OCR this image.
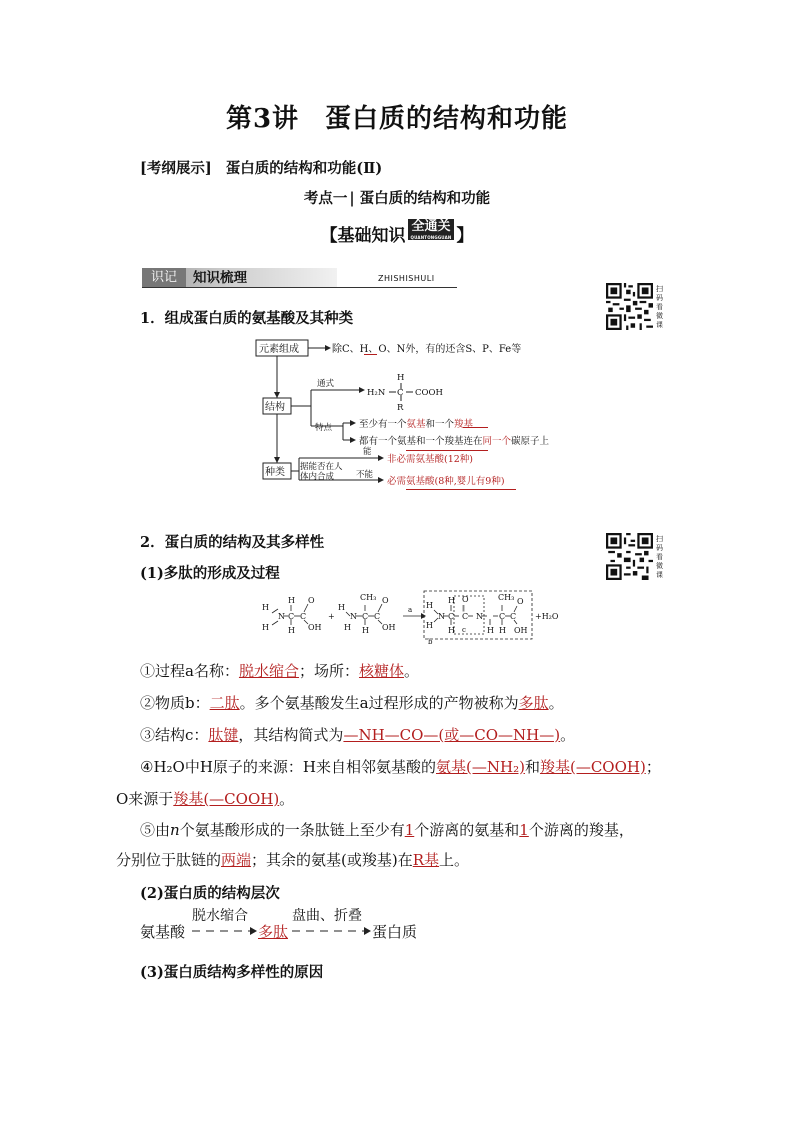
第3讲 蛋白质的结构和功能
[考纲展示] 蛋白质的结构和功能(Ⅱ)
考点一 | 蛋白质的结构和功能
【基础知识 全通关
QUANTONGGUAN 】
识记	知识梳理	ZHISHISHULI
扫码看微课
1．组成蛋白质的氨基酸及其种类
元素组成	除C、H、O、N外，有的还含S、P、Fe等
结构
通式
H
H₂N C COOH
R
特点	至少有一个氨基和一个羧基
都有一个氨基和一个羧基连在同一个碳原子上
种类 据能否在人
体内合成
能
不能
非必需氨基酸(12种)
必需氨基酸(8种,婴儿有9种)
扫码看微课
2．蛋白质的结构及其多样性
(1)多肽的形成及过程
H
H
N
H
C
H
C
O
OH
+
H
N
H
CH₃
C
H
C
O
OH
a H
H
N
H
C
H
O
‖
C
c
N
H
CH₃
C
H
C
O
OH
b
+H₂O
①过程a名称：脱水缩合；场所：核糖体。
②物质b：二肽。多个氨基酸发生a过程形成的产物被称为多肽。
③结构c：肽键，其结构简式为—NH—CO—(或—CO—NH—)。
④H₂O中H原子的来源：H来自相邻氨基酸的氨基(—NH₂)和羧基(—COOH)；
O来源于羧基(—COOH)。
⑤由n个氨基酸形成的一条肽链上至少有1个游离的氨基和1个游离的羧基，
分别位于肽链的两端；其余的氨基(或羧基)在R基上。
(2)蛋白质的结构层次
氨基酸
脱水缩合
多肽
盘曲、折叠
蛋白质
(3)蛋白质结构多样性的原因
